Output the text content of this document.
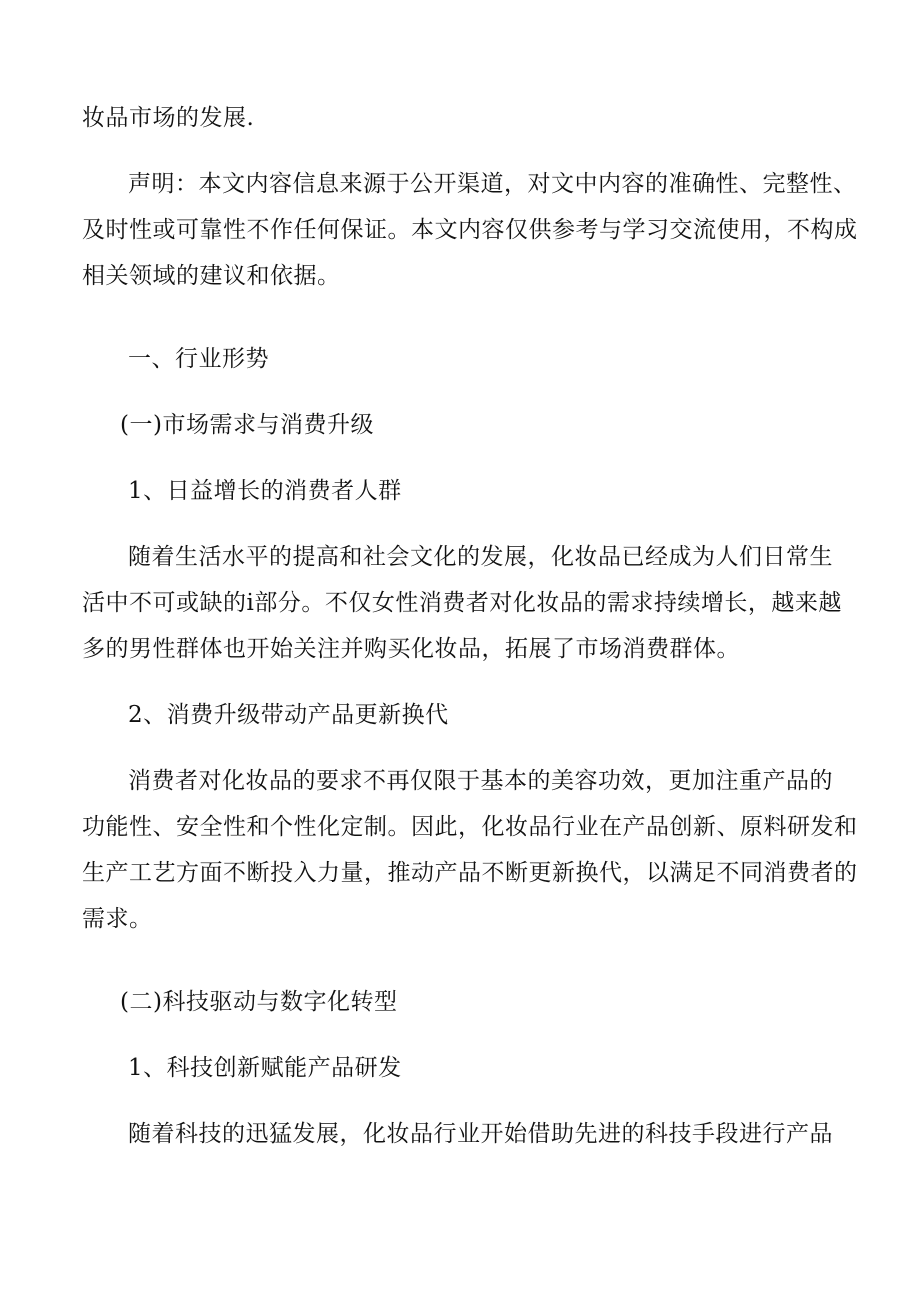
妆品市场的发展.
声明：本文内容信息来源于公开渠道，对文中内容的准确性、完整性、
及时性或可靠性不作任何保证。本文内容仅供参考与学习交流使用，不构成
相关领域的建议和依据。
一、行业形势
(一)市场需求与消费升级
1、日益增长的消费者人群
随着生活水平的提高和社会文化的发展，化妆品已经成为人们日常生
活中不可或缺的i部分。不仅女性消费者对化妆品的需求持续增长，越来越
多的男性群体也开始关注并购买化妆品，拓展了市场消费群体。
2、消费升级带动产品更新换代
消费者对化妆品的要求不再仅限于基本的美容功效，更加注重产品的
功能性、安全性和个性化定制。因此，化妆品行业在产品创新、原料研发和
生产工艺方面不断投入力量，推动产品不断更新换代，以满足不同消费者的
需求。
(二)科技驱动与数字化转型
1、科技创新赋能产品研发
随着科技的迅猛发展，化妆品行业开始借助先进的科技手段进行产品
